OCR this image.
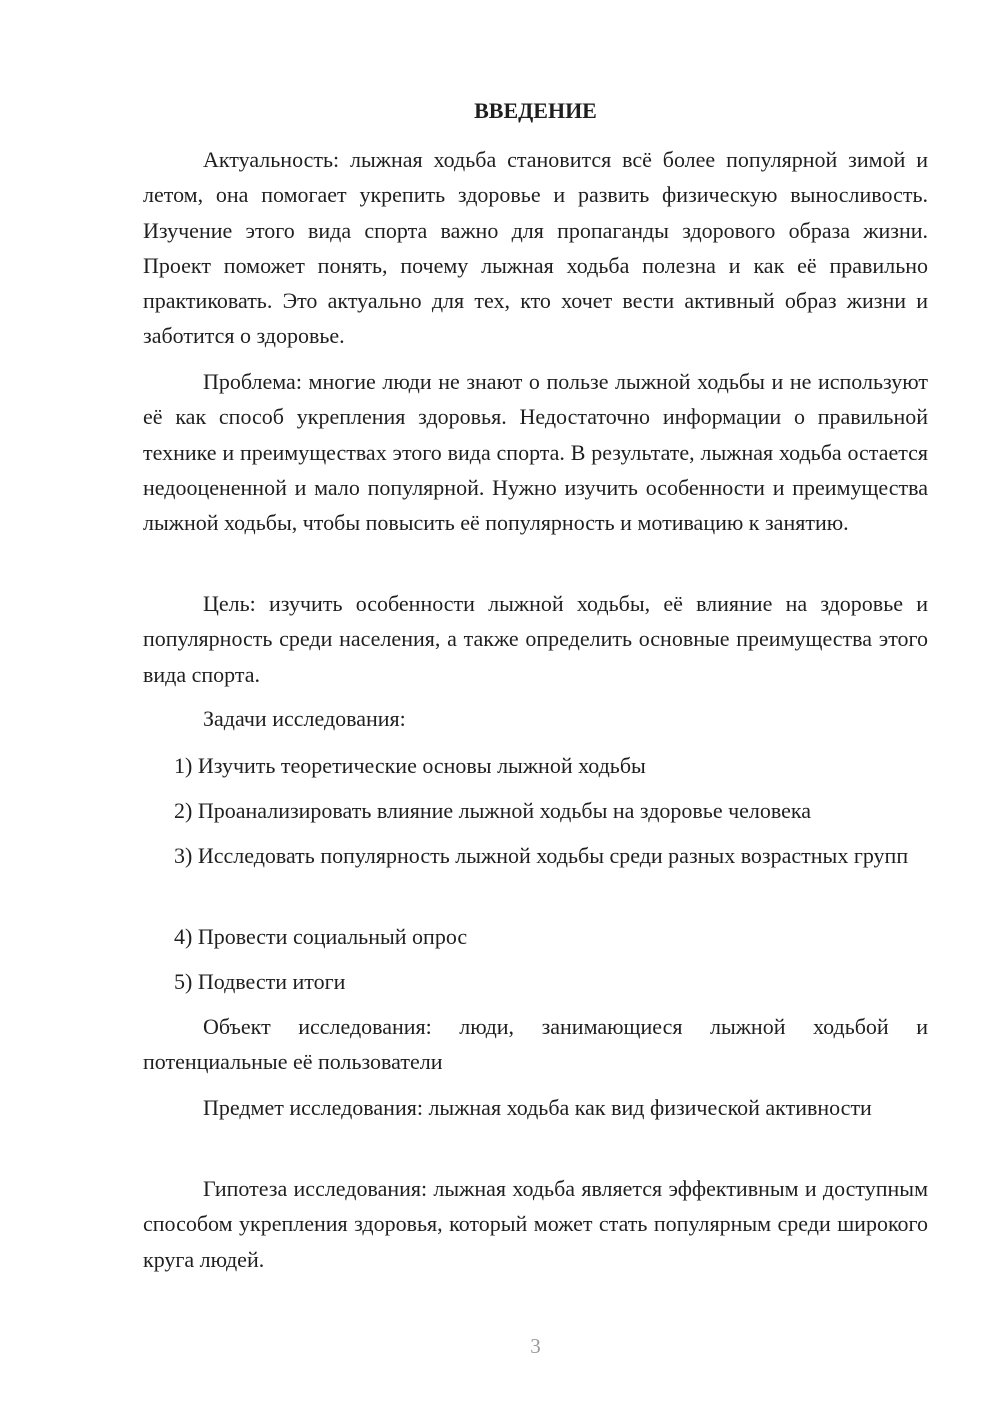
ВВЕДЕНИЕ

Актуальность: лыжная ходьба становится всё более популярной зимой и летом, она помогает укрепить здоровье и развить физическую выносливость. Изучение этого вида спорта важно для пропаганды здорового образа жизни. Проект поможет понять, почему лыжная ходьба полезна и как её правильно практиковать. Это актуально для тех, кто хочет вести активный образ жизни и заботится о здоровье.

Проблема: многие люди не знают о пользе лыжной ходьбы и не используют её как способ укрепления здоровья. Недостаточно информации о правильной технике и преимуществах этого вида спорта. В результате, лыжная ходьба остается недооцененной и мало популярной. Нужно изучить особенности и преимущества лыжной ходьбы, чтобы повысить её популярность и мотивацию к занятию.

Цель: изучить особенности лыжной ходьбы, её влияние на здоровье и популярность среди населения, а также определить основные преимущества этого вида спорта.

Задачи исследования:

1) Изучить теоретические основы лыжной ходьбы

2) Проанализировать влияние лыжной ходьбы на здоровье человека

3) Исследовать популярность лыжной ходьбы среди разных возрастных групп

4) Провести социальный опрос

5) Подвести итоги

Объект исследования: люди, занимающиеся лыжной ходьбой и потенциальные её пользователи

Предмет исследования: лыжная ходьба как вид физической активности

Гипотеза исследования: лыжная ходьба является эффективным и доступным способом укрепления здоровья, который может стать популярным среди широкого круга людей.

3
